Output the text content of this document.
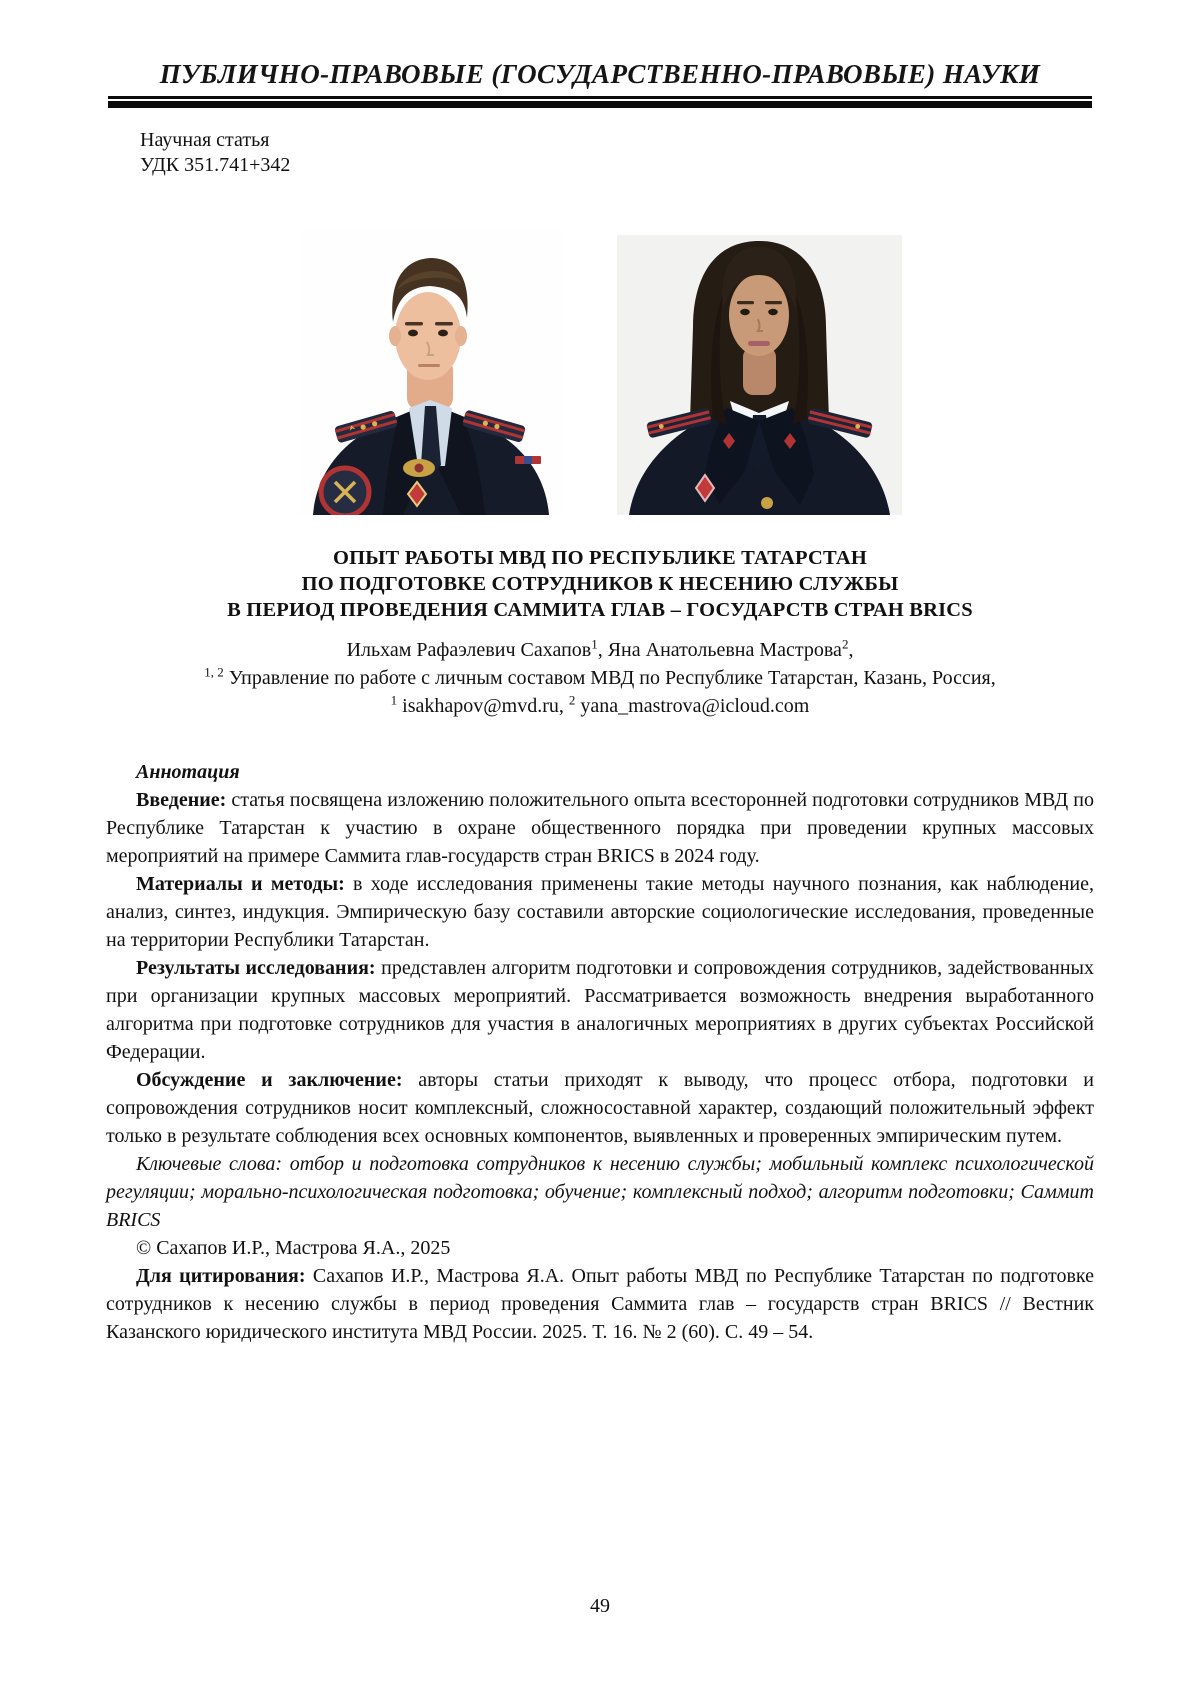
ПУБЛИЧНО-ПРАВОВЫЕ (ГОСУДАРСТВЕННО-ПРАВОВЫЕ) НАУКИ
Научная статья
УДК 351.741+342
ОПЫТ РАБОТЫ МВД ПО РЕСПУБЛИКЕ ТАТАРСТАН
ПО ПОДГОТОВКЕ СОТРУДНИКОВ К НЕСЕНИЮ СЛУЖБЫ
В ПЕРИОД ПРОВЕДЕНИЯ САММИТА ГЛАВ – ГОСУДАРСТВ СТРАН BRICS
Ильхам Рафаэлевич Сахапов$^1$, Яна Анатольевна Мастрова$^2$,
$^{1, 2}$ Управление по работе с личным составом МВД по Республике Татарстан, Казань, Россия,
$^1$ isakhapov@mvd.ru, $^2$ yana_mastrova@icloud.com

Аннотация

Введение: статья посвящена изложению положительного опыта всесторонней подготовки сотрудников МВД по Республике Татарстан к участию в охране общественного порядка при проведении крупных массовых мероприятий на примере Саммита глав-государств стран BRICS в 2024 году.

Материалы и методы: в ходе исследования применены такие методы научного познания, как наблюдение, анализ, синтез, индукция. Эмпирическую базу составили авторские социологические исследования, проведенные на территории Республики Татарстан.

Результаты исследования: представлен алгоритм подготовки и сопровождения сотрудников, задействованных при организации крупных массовых мероприятий. Рассматривается возможность внедрения выработанного алгоритма при подготовке сотрудников для участия в аналогичных мероприятиях в других субъектах Российской Федерации.

Обсуждение и заключение: авторы статьи приходят к выводу, что процесс отбора, подготовки и сопровождения сотрудников носит комплексный, сложносоставной характер, создающий положительный эффект только в результате соблюдения всех основных компонентов, выявленных и проверенных эмпирическим путем.

Ключевые слова: отбор и подготовка сотрудников к несению службы; мобильный комплекс психологической регуляции; морально-психологическая подготовка; обучение; комплексный подход; алгоритм подготовки; Саммит BRICS

© Сахапов И.Р., Мастрова Я.А., 2025

Для цитирования: Сахапов И.Р., Мастрова Я.А. Опыт работы МВД по Республике Татарстан по подготовке сотрудников к несению службы в период проведения Саммита глав – государств стран BRICS // Вестник Казанского юридического института МВД России. 2025. Т. 16. № 2 (60). С. 49 – 54.

49
